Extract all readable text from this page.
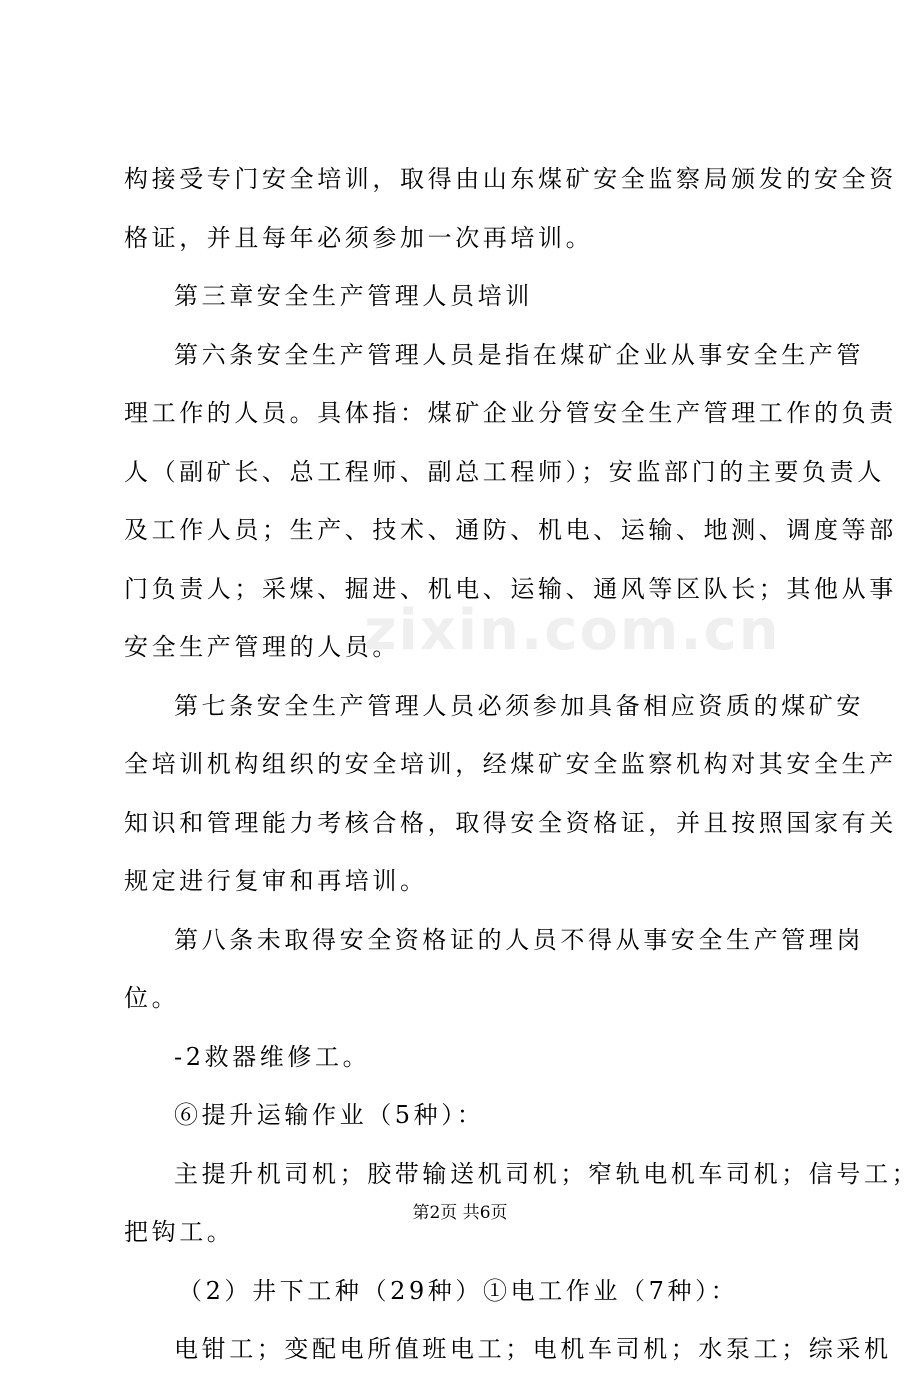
zixin.com.cn
构接受专门安全培训，取得由山东煤矿安全监察局颁发的安全资
格证，并且每年必须参加一次再培训。
第三章安全生产管理人员培训
第六条安全生产管理人员是指在煤矿企业从事安全生产管
理工作的人员。具体指：煤矿企业分管安全生产管理工作的负责
人（副矿长、总工程师、副总工程师）；安监部门的主要负责人
及工作人员；生产、技术、通防、机电、运输、地测、调度等部
门负责人；采煤、掘进、机电、运输、通风等区队长；其他从事
安全生产管理的人员。
第七条安全生产管理人员必须参加具备相应资质的煤矿安
全培训机构组织的安全培训，经煤矿安全监察机构对其安全生产
知识和管理能力考核合格，取得安全资格证，并且按照国家有关
规定进行复审和再培训。
第八条未取得安全资格证的人员不得从事安全生产管理岗
位。
-2救器维修工。
⑥提升运输作业（5种）：
主提升机司机；胶带输送机司机；窄轨电机车司机；信号工；
把钩工。
（2）井下工种（29种）①电工作业（7种）：
电钳工；变配电所值班电工；电机车司机；水泵工；综采机
第2页 共6页
